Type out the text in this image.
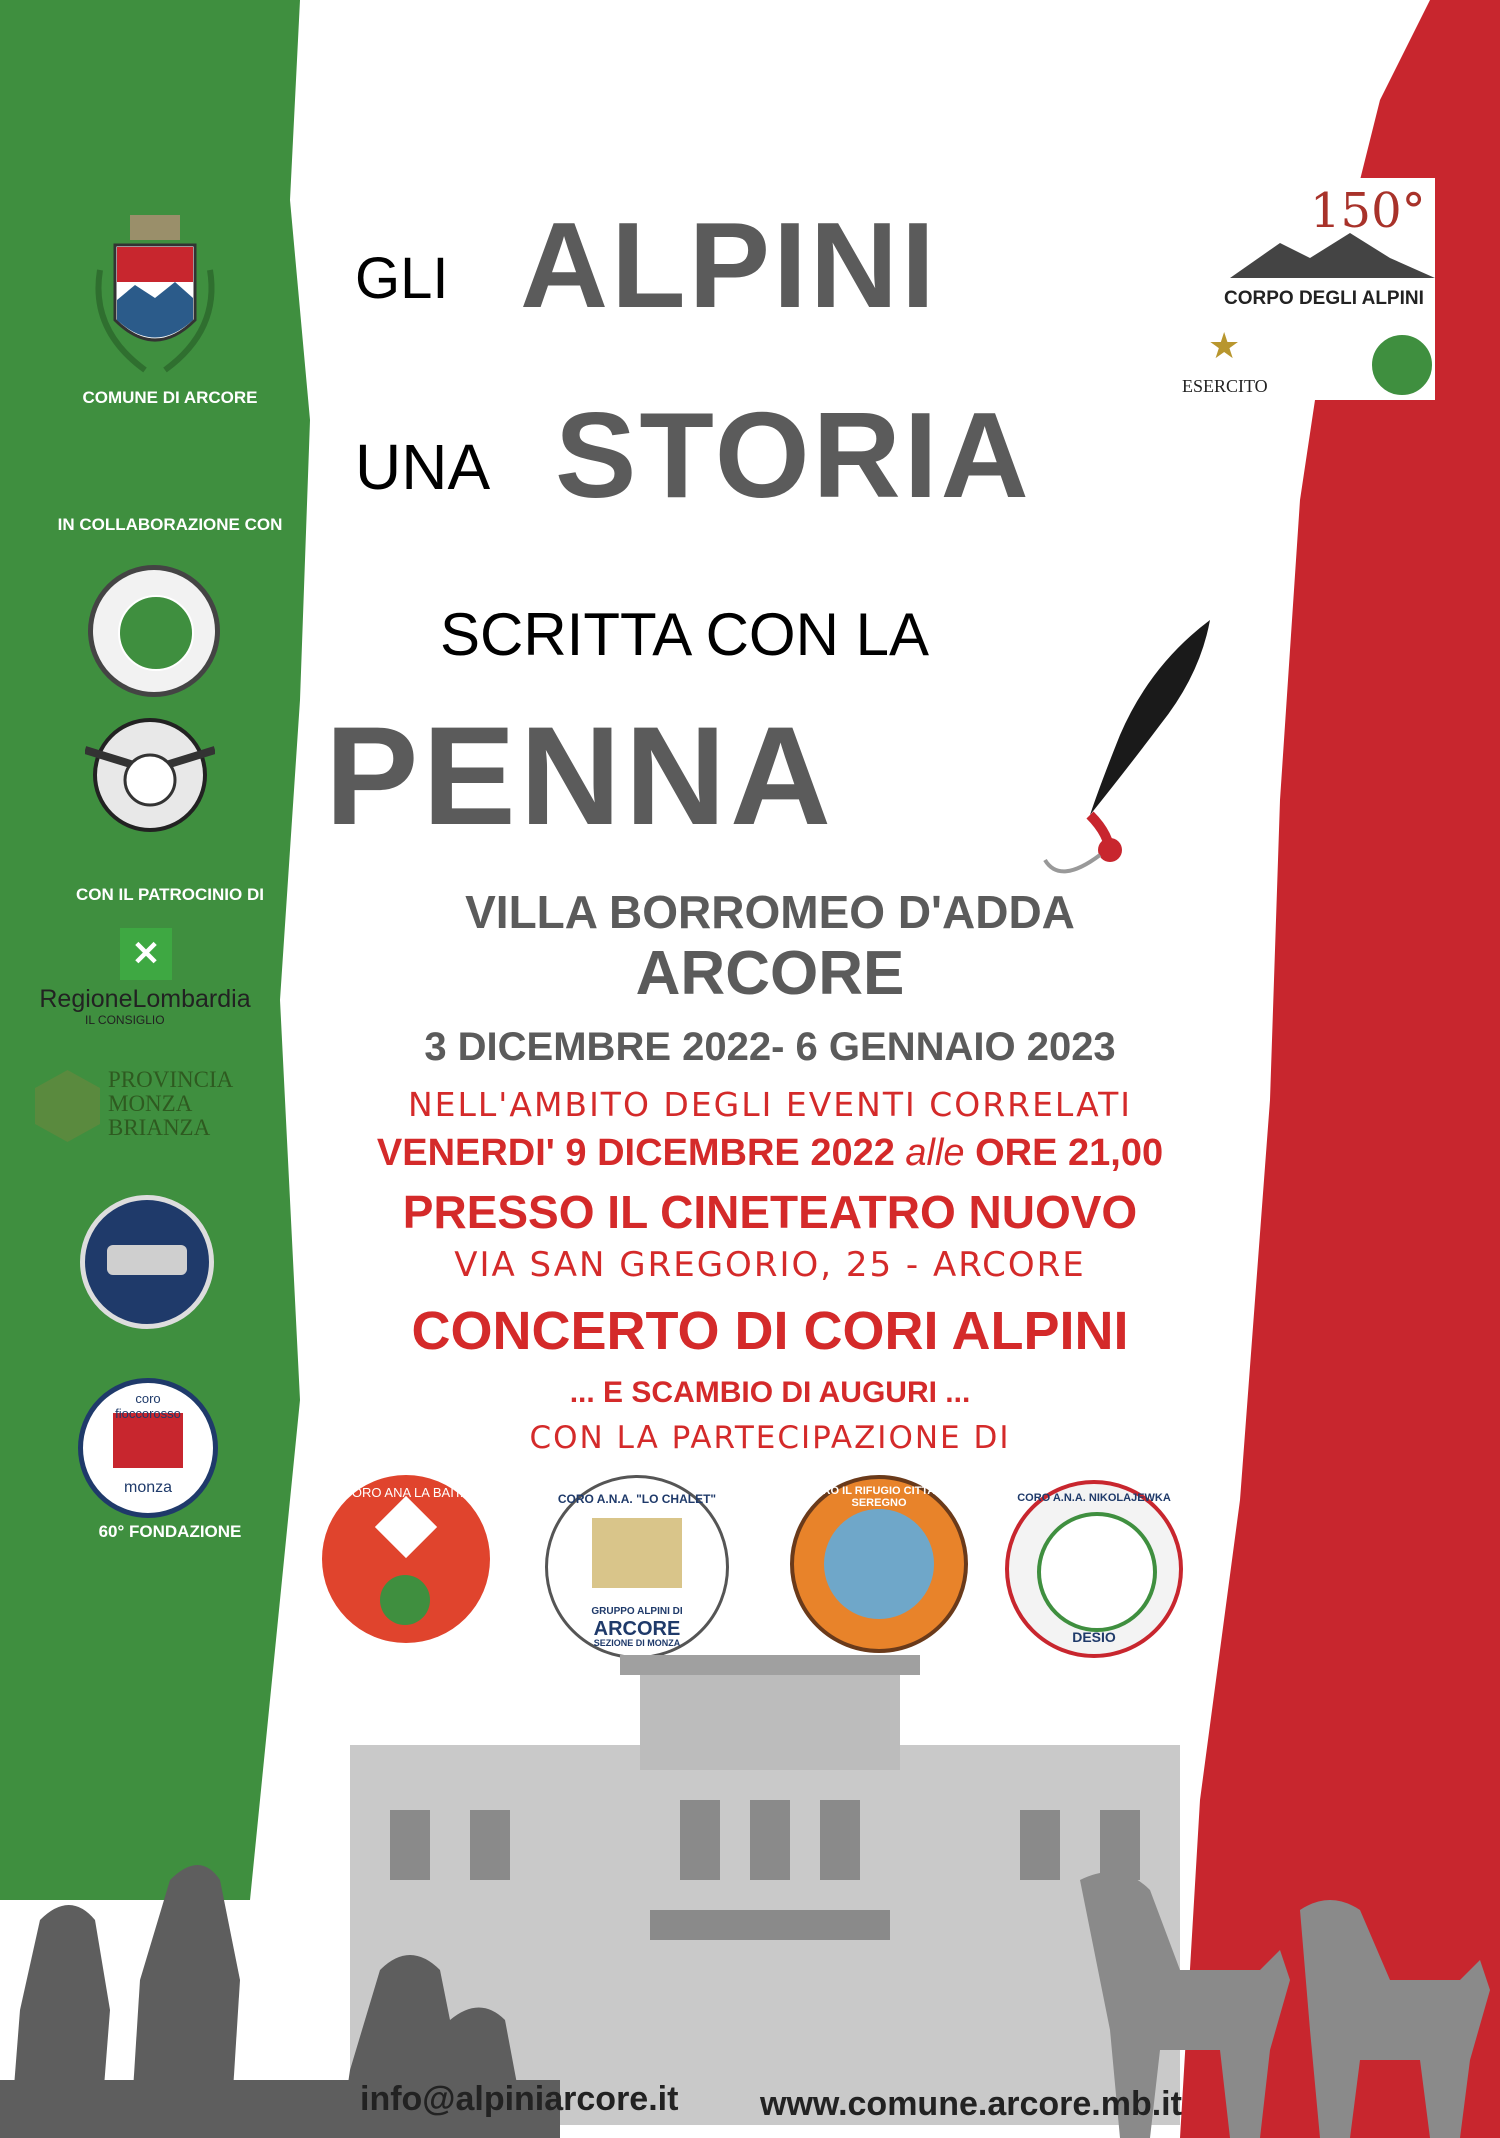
COMUNE DI ARCORE
IN COLLABORAZIONE CON
CON IL PATROCINIO DI
✕
RegioneLombardia
IL CONSIGLIO
PROVINCIA
MONZA
BRIANZA
coro fioccorosso
monza
60° FONDAZIONE
150°
CORPO DEGLI ALPINI
★
ESERCITO
GLI ALPINI
UNA STORIA
SCRITTA CON LA
PENNA
VILLA BORROMEO D'ADDA
ARCORE
3 DICEMBRE 2022- 6 GENNAIO 2023
NELL'AMBITO DEGLI EVENTI CORRELATI
VENERDI' 9 DICEMBRE 2022 alle ORE 21,00
PRESSO IL CINETEATRO NUOVO
VIA SAN GREGORIO, 25 - ARCORE
CONCERTO DI CORI ALPINI
... E SCAMBIO DI AUGURI ...
CON LA PARTECIPAZIONE DI
CORO ANA LA BAITA	CORO A.N.A. "LO CHALET"
GRUPPO ALPINI DI
ARCORE
SEZIONE DI MONZA
CORO IL RIFUGIO CITTA' DI SEREGNO	CORO A.N.A. NIKOLAJEWKA
DESIO
info@alpiniarcore.it www.comune.arcore.mb.it
